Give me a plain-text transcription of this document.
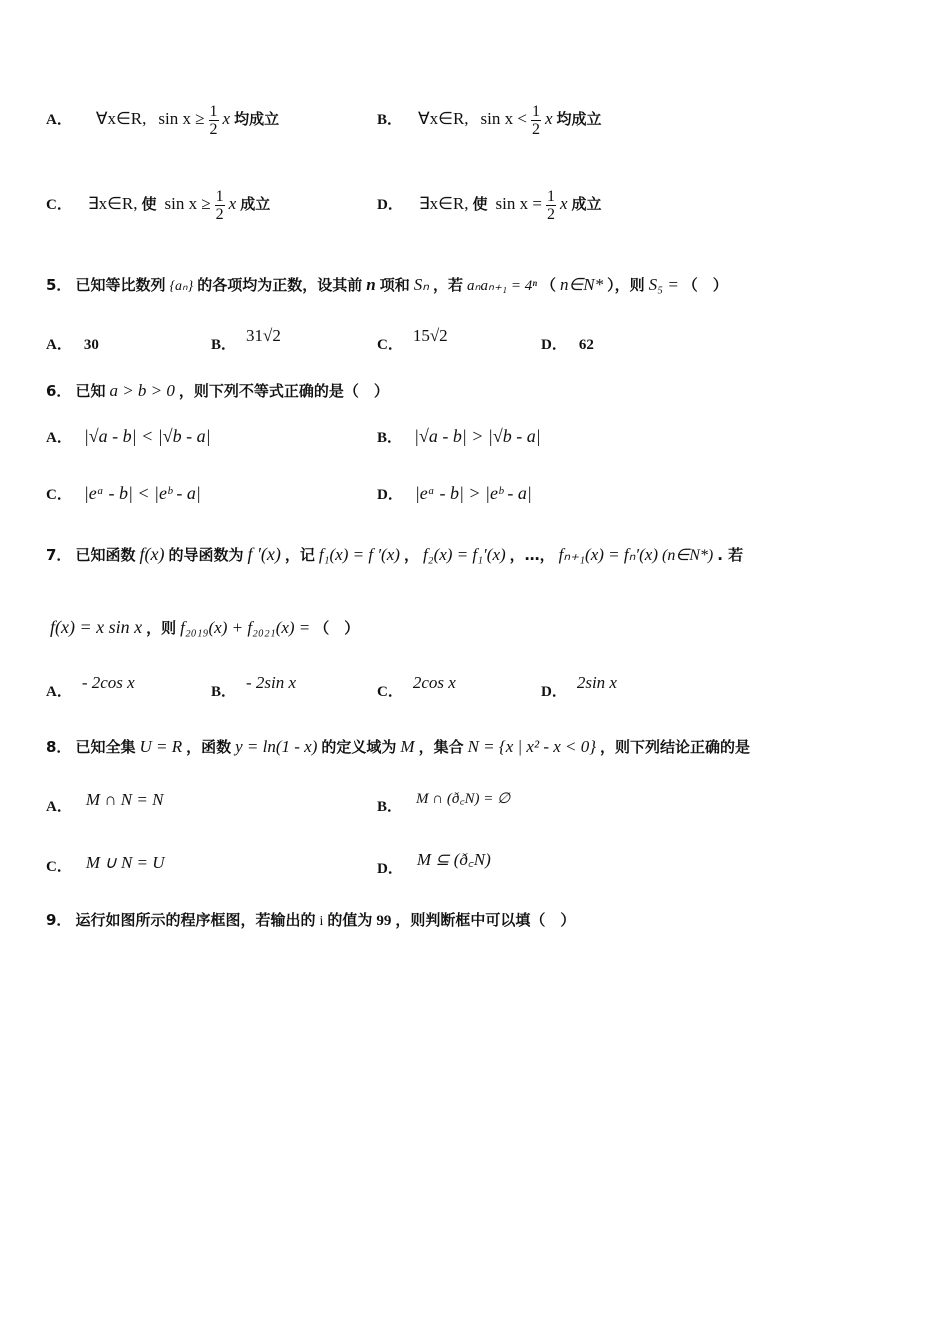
A． ∀x∈R, $\sin x \ge \frac{1}{2}$ x 均成立	B． ∀x∈R, $\sin x < \frac{1}{2}$ x 均成立
C． ∃x∈R, 使 $\sin x \ge \frac{1}{2}$ x 成立	D． ∃x∈R, 使 $\sin x = \frac{1}{2}$ x 成立
5． 已知等比数列 {aₙ} 的各项均为正数，设其前 n 项和 Sₙ ，若 aₙaₙ₊₁ = 4ⁿ （ n∈N* ），则 S₅ = （　）
A． 30	B． 31√2	C． 15√2	D． 62
6． 已知 a > b > 0 ，则下列不等式正确的是（　）
A． |√a - b| < |√b - a|	B． |√a - b| > |√b - a|
C． |eᵃ - b| < |eᵇ - a|	D． |eᵃ - b| > |eᵇ - a|
7． 已知函数 f(x) 的导函数为 f ′(x) ，记 f₁(x) = f ′(x) ， f₂(x) = f₁′(x) ，…， fₙ₊₁(x) = fₙ′(x) (n∈N*) . 若
f(x) = x sin x ，则 f₂₀₁₉(x) + f₂₀₂₁(x) = （　）
A． - 2cos x	B． - 2sin x	C． 2cos x	D． 2sin x
8． 已知全集 U = R ，函数 y = ln(1 - x) 的定义域为 M ，集合 N = {x | x² - x < 0} ，则下列结论正确的是
A． M ∩ N = N	B． M ∩ (ð꜀N) = ∅
C． M ∪ N = U	D． M ⊆ (ð꜀N)
9． 运行如图所示的程序框图，若输出的 i 的值为 99 ，则判断框中可以填（　）
